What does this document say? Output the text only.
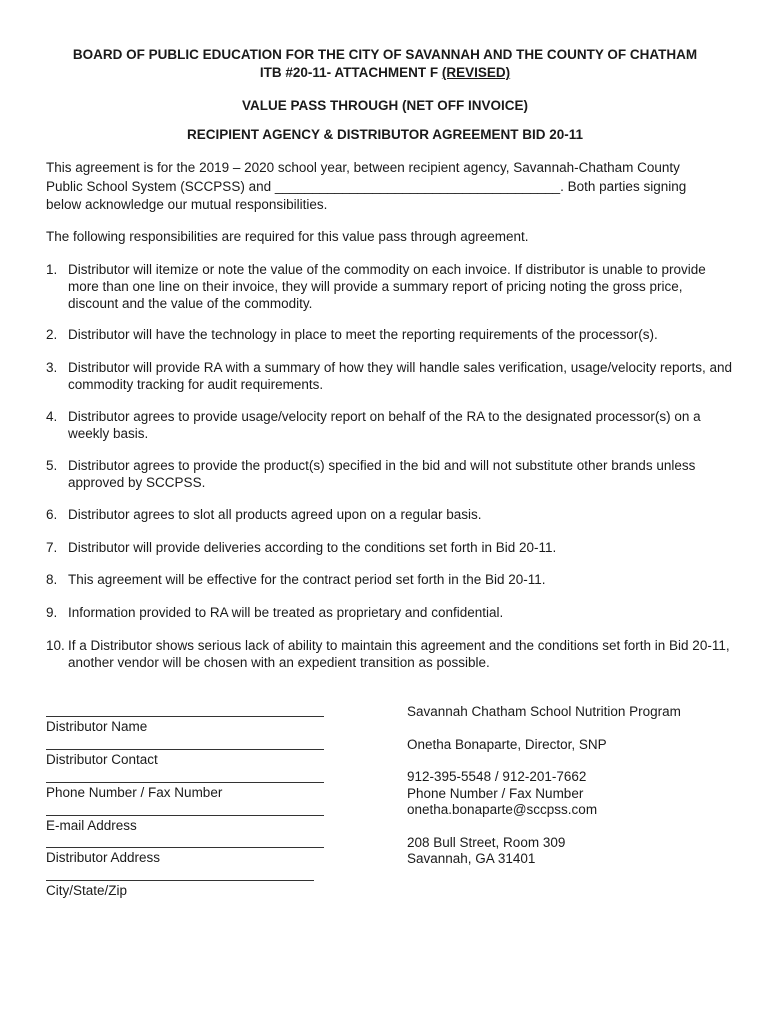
BOARD OF PUBLIC EDUCATION FOR THE CITY OF SAVANNAH AND THE COUNTY OF CHATHAM
ITB #20-11- ATTACHMENT F (REVISED)
VALUE PASS THROUGH (NET OFF INVOICE)
RECIPIENT AGENCY & DISTRIBUTOR AGREEMENT BID 20-11
This agreement is for the 2019 – 2020 school year, between recipient agency, Savannah-Chatham County
Public School System (SCCPSS) and ______________________________________. Both parties signing
below acknowledge our mutual responsibilities.
The following responsibilities are required for this value pass through agreement.
1. Distributor will itemize or note the value of the commodity on each invoice. If distributor is unable to provide more than one line on their invoice, they will provide a summary report of pricing noting the gross price, discount and the value of the commodity.
2. Distributor will have the technology in place to meet the reporting requirements of the processor(s).
3. Distributor will provide RA with a summary of how they will handle sales verification, usage/velocity reports, and commodity tracking for audit requirements.
4. Distributor agrees to provide usage/velocity report on behalf of the RA to the designated processor(s) on a weekly basis.
5. Distributor agrees to provide the product(s) specified in the bid and will not substitute other brands unless approved by SCCPSS.
6. Distributor agrees to slot all products agreed upon on a regular basis.
7. Distributor will provide deliveries according to the conditions set forth in Bid 20-11.
8. This agreement will be effective for the contract period set forth in the Bid 20-11.
9. Information provided to RA will be treated as proprietary and confidential.
10. If a Distributor shows serious lack of ability to maintain this agreement and the conditions set forth in Bid 20-11, another vendor will be chosen with an expedient transition as possible.
Distributor Name
Distributor Contact
Phone Number / Fax Number
E-mail Address
Distributor Address
City/State/Zip
Savannah Chatham School Nutrition Program
Onetha Bonaparte, Director, SNP
912-395-5548 / 912-201-7662
Phone Number / Fax Number
onetha.bonaparte@sccpss.com
208 Bull Street, Room 309
Savannah, GA 31401
